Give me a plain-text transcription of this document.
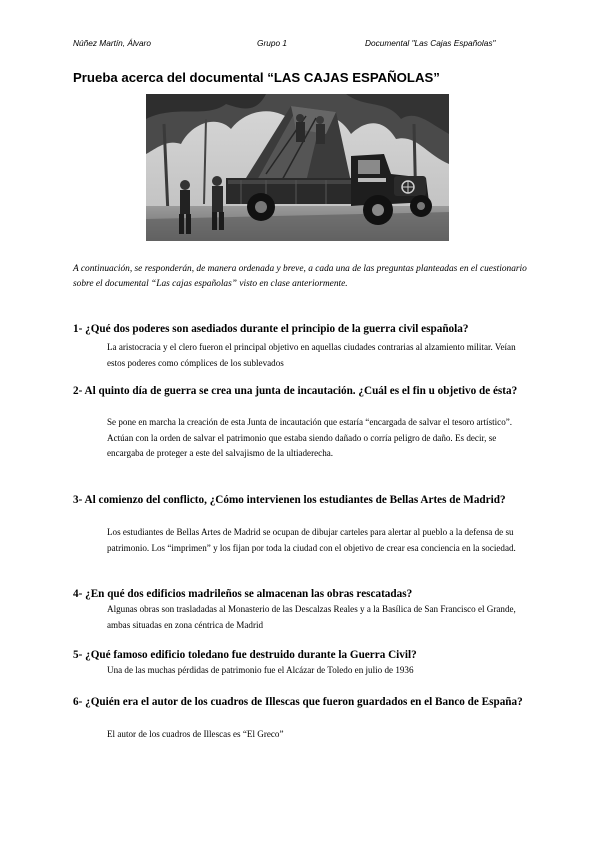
Núñez Martín, Álvaro	Grupo 1	Documental "Las Cajas Españolas"
Prueba acerca del documental “LAS CAJAS ESPAÑOLAS”

A continuación, se responderán, de manera ordenada y breve, a cada una de las preguntas planteadas en el cuestionario sobre el documental “Las cajas españolas” visto en clase anteriormente.

1- ¿Qué dos poderes son asediados durante el principio de la guerra civil española?

La aristocracia y el clero fueron el principal objetivo en aquellas ciudades contrarias al alzamiento militar. Veían estos poderes como cómplices de los sublevados

2- Al quinto día de guerra se crea una junta de incautación. ¿Cuál es el fin u objetivo de ésta?

Se pone en marcha la creación de esta Junta de incautación que estaría “encargada de salvar el tesoro artístico”. Actúan con la orden de salvar el patrimonio que estaba siendo dañado o corría peligro de daño. Es decir, se encargaba de proteger a este del salvajismo de la ultiaderecha.

3- Al comienzo del conflicto, ¿Cómo intervienen los estudiantes de Bellas Artes de Madrid?

Los estudiantes de Bellas Artes de Madrid se ocupan de dibujar carteles para alertar al pueblo a la defensa de su patrimonio. Los “imprimen” y los fijan por toda la ciudad con el objetivo de crear esa conciencia en la sociedad.

4- ¿En qué dos edificios madrileños se almacenan las obras rescatadas?

Algunas obras son trasladadas al Monasterio de las Descalzas Reales y a la Basílica de San Francisco el Grande, ambas situadas en zona céntrica de Madrid

5- ¿Qué famoso edificio toledano fue destruido durante la Guerra Civil?

Una de las muchas pérdidas de patrimonio fue el Alcázar de Toledo en julio de 1936

6- ¿Quién era el autor de los cuadros de Illescas que fueron guardados en el Banco de España?

El autor de los cuadros de Illescas es “El Greco”
